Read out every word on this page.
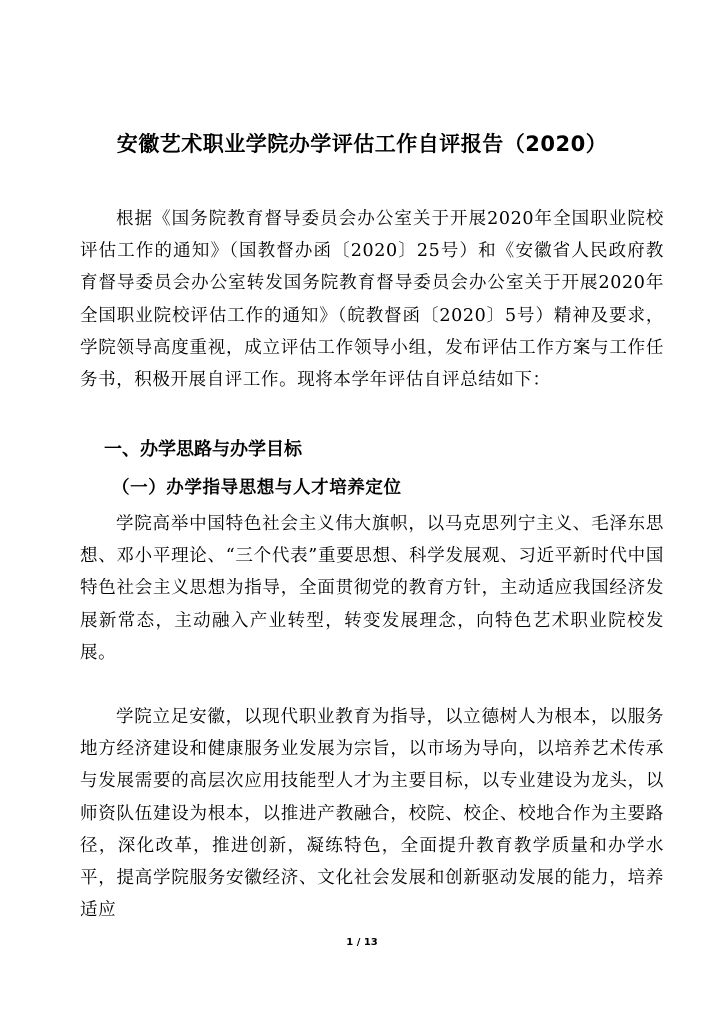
安徽艺术职业学院办学评估工作自评报告（2020）

根据《国务院教育督导委员会办公室关于开展2020年全国职业院校评估工作的通知》（国教督办函〔2020〕25号）和《安徽省人民政府教育督导委员会办公室转发国务院教育督导委员会办公室关于开展2020年全国职业院校评估工作的通知》（皖教督函〔2020〕5号）精神及要求，学院领导高度重视，成立评估工作领导小组，发布评估工作方案与工作任务书，积极开展自评工作。现将本学年评估自评总结如下：

一、办学思路与办学目标
（一）办学指导思想与人才培养定位

学院高举中国特色社会主义伟大旗帜，以马克思列宁主义、毛泽东思想、邓小平理论、“三个代表”重要思想、科学发展观、习近平新时代中国特色社会主义思想为指导，全面贯彻党的教育方针，主动适应我国经济发展新常态，主动融入产业转型，转变发展理念，向特色艺术职业院校发展。

学院立足安徽，以现代职业教育为指导，以立德树人为根本，以服务地方经济建设和健康服务业发展为宗旨，以市场为导向，以培养艺术传承与发展需要的高层次应用技能型人才为主要目标，以专业建设为龙头，以师资队伍建设为根本，以推进产教融合，校院、校企、校地合作为主要路径，深化改革，推进创新，凝练特色，全面提升教育教学质量和办学水平，提高学院服务安徽经济、文化社会发展和创新驱动发展的能力，培养适应

1 / 13
